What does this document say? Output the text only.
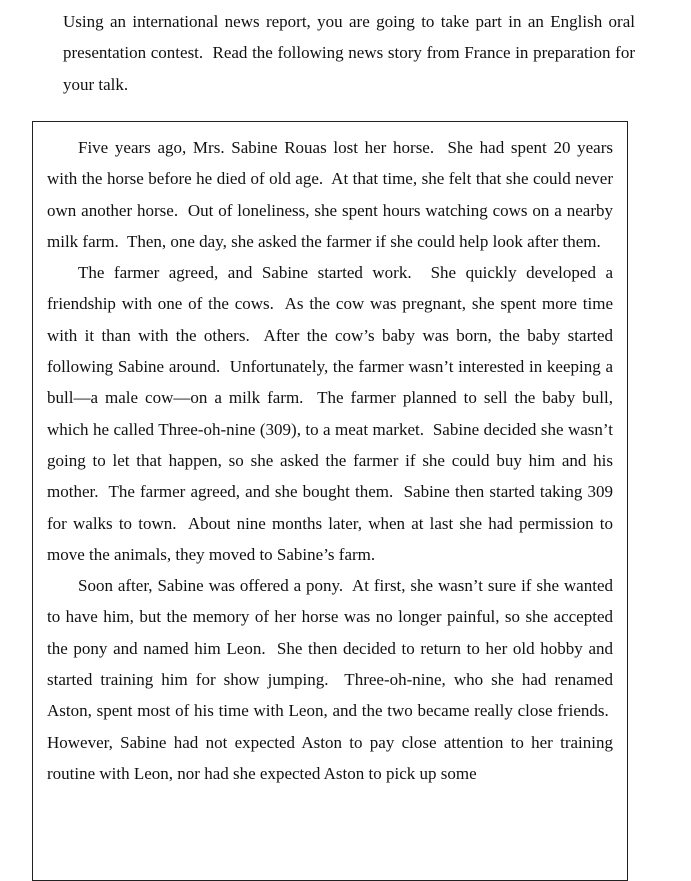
Using an international news report, you are going to take part in an English oral presentation contest.  Read the following news story from France in preparation for your talk.

Five years ago, Mrs. Sabine Rouas lost her horse.  She had spent 20 years with the horse before he died of old age.  At that time, she felt that she could never own another horse.  Out of loneliness, she spent hours watching cows on a nearby milk farm.  Then, one day, she asked the farmer if she could help look after them.

The farmer agreed, and Sabine started work.  She quickly developed a friendship with one of the cows.  As the cow was pregnant, she spent more time with it than with the others.  After the cow’s baby was born, the baby started following Sabine around.  Unfortunately, the farmer wasn’t interested in keeping a bull—a male cow—on a milk farm.  The farmer planned to sell the baby bull, which he called Three-oh-nine (309), to a meat market.  Sabine decided she wasn’t going to let that happen, so she asked the farmer if she could buy him and his mother.  The farmer agreed, and she bought them.  Sabine then started taking 309 for walks to town.  About nine months later, when at last she had permission to move the animals, they moved to Sabine’s farm.

Soon after, Sabine was offered a pony.  At first, she wasn’t sure if she wanted to have him, but the memory of her horse was no longer painful, so she accepted the pony and named him Leon.  She then decided to return to her old hobby and started training him for show jumping.  Three-oh-nine, who she had renamed Aston, spent most of his time with Leon, and the two became really close friends.  However, Sabine had not expected Aston to pay close attention to her training routine with Leon, nor had she expected Aston to pick up some
